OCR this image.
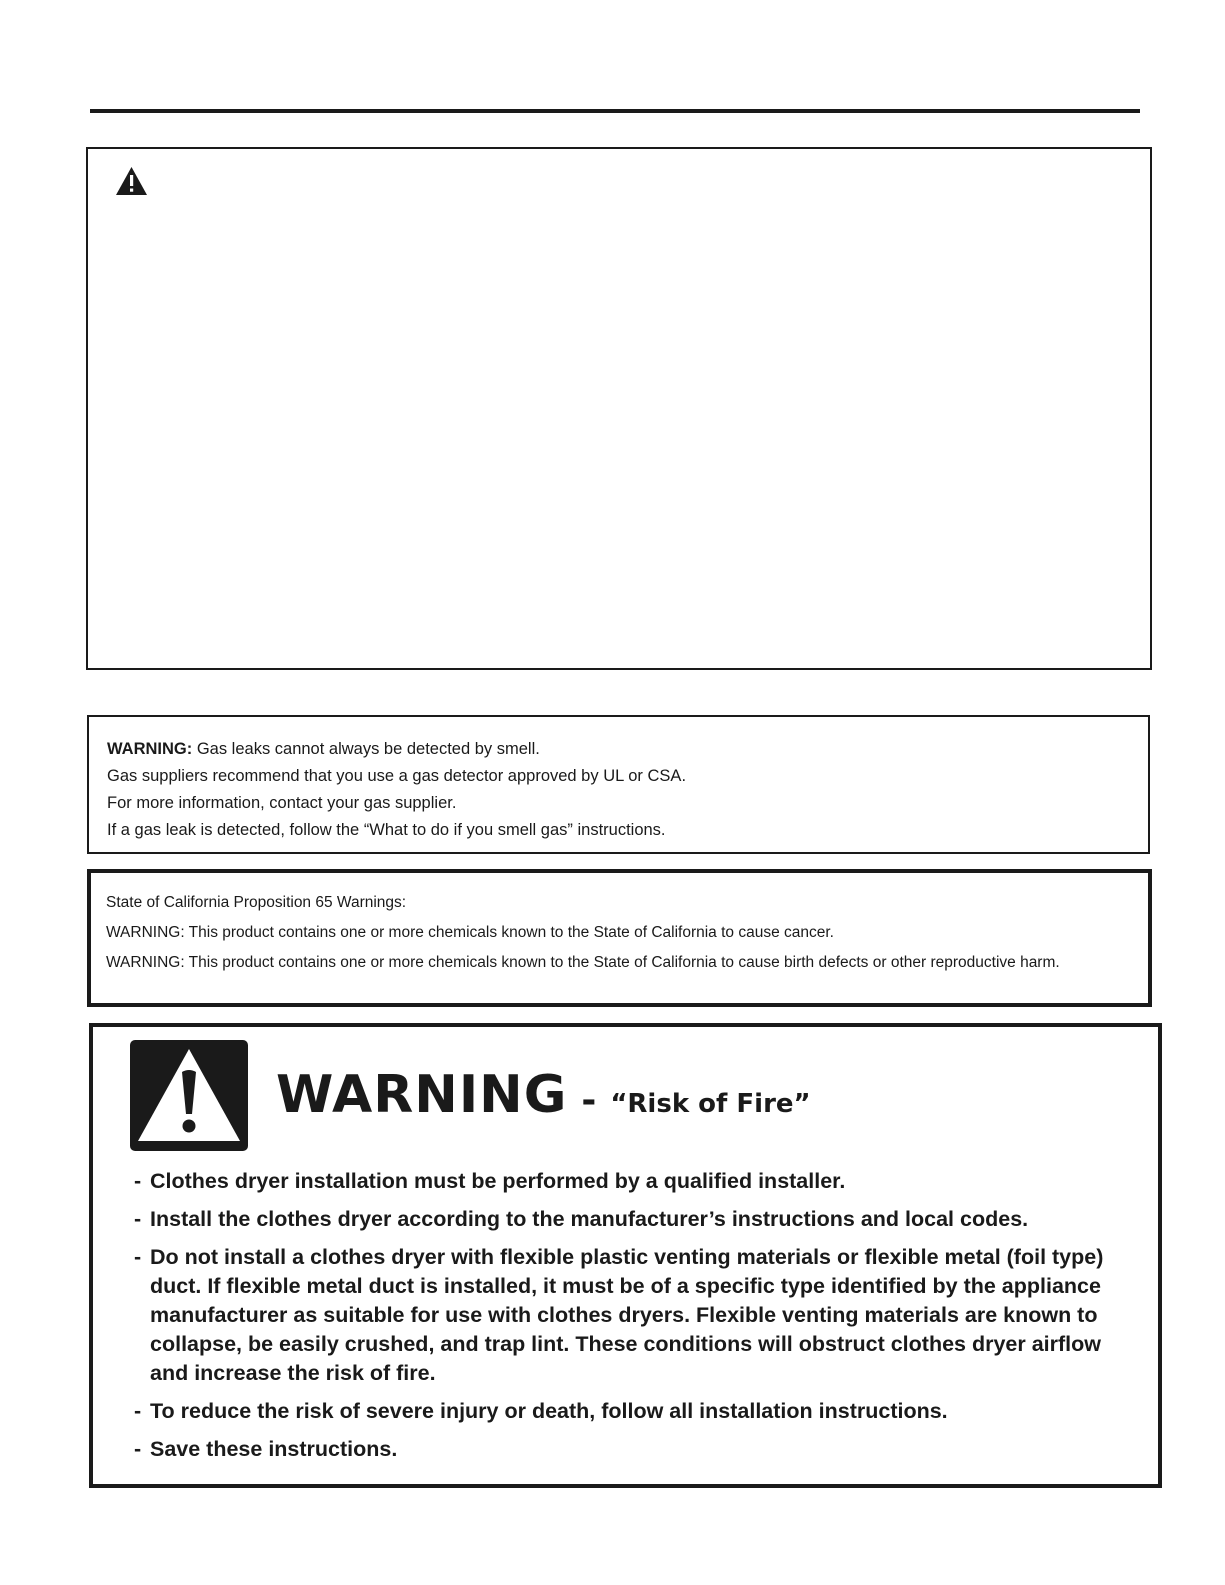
WARNING: Gas leaks cannot always be detected by smell.
Gas suppliers recommend that you use a gas detector approved by UL or CSA.
For more information, contact your gas supplier.
If a gas leak is detected, follow the “What to do if you smell gas” instructions.

State of California Proposition 65 Warnings:

WARNING: This product contains one or more chemicals known to the State of California to cause cancer.

WARNING: This product contains one or more chemicals known to the State of California to cause birth defects or other reproductive harm.

WARNING - “Risk of Fire”
- Clothes dryer installation must be performed by a qualified installer.
- Install the clothes dryer according to the manufacturer’s instructions and local codes.
- Do not install a clothes dryer with flexible plastic venting materials or flexible metal (foil type) duct. If flexible metal duct is installed, it must be of a specific type identified by the appliance manufacturer as suitable for use with clothes dryers. Flexible venting materials are known to collapse, be easily crushed, and trap lint. These conditions will obstruct clothes dryer airflow and increase the risk of fire.
- To reduce the risk of severe injury or death, follow all installation instructions.
- Save these instructions.
